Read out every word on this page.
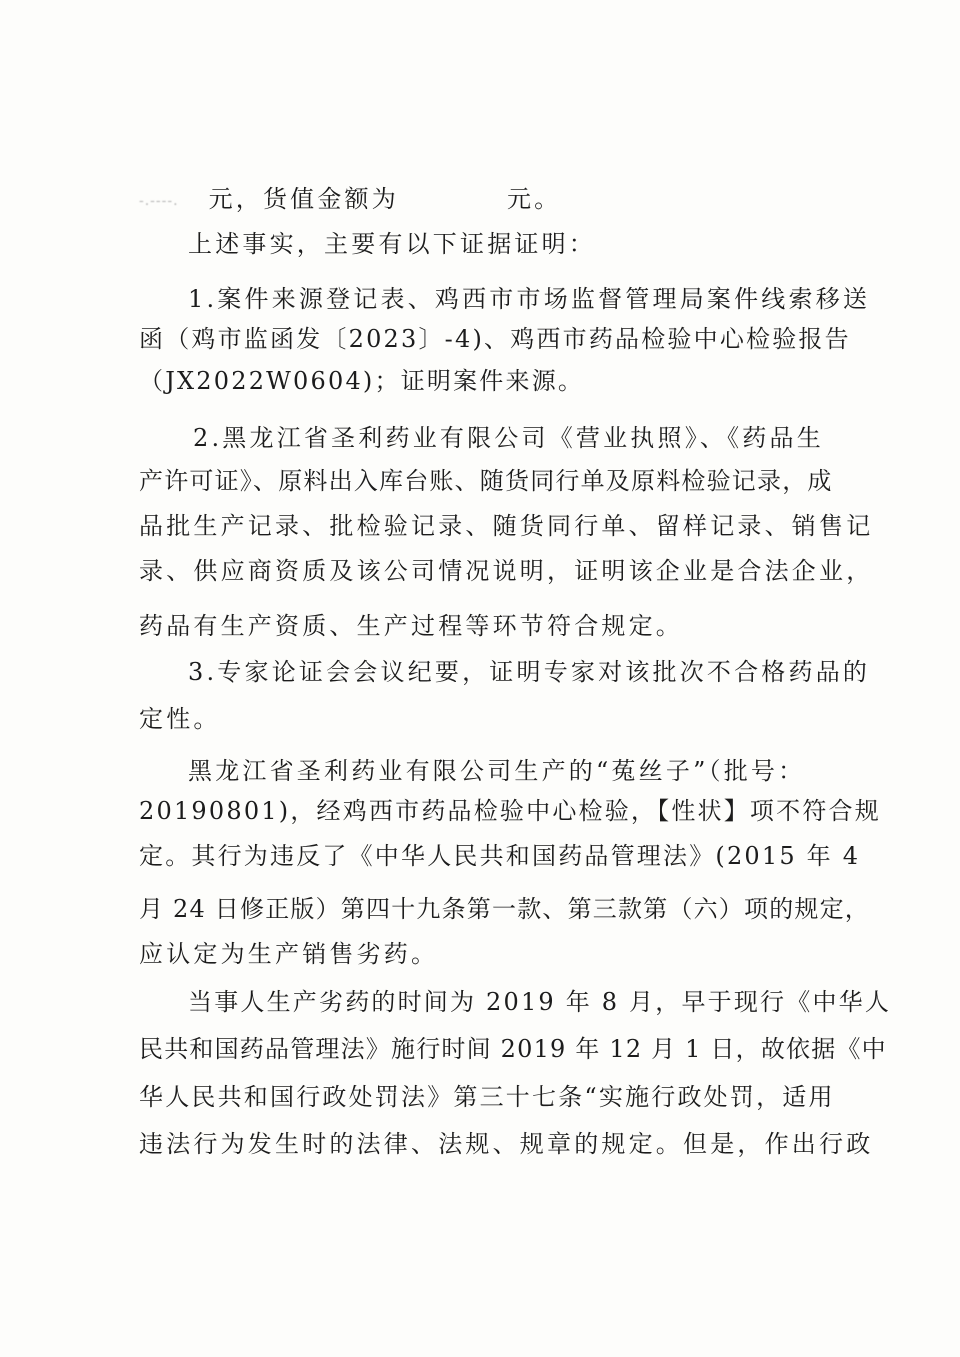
-.----. 元，货值金额为	元。
上述事实，主要有以下证据证明：
1.案件来源登记表、鸡西市市场监督管理局案件线索移送
函（鸡市监函发〔2023〕-4)、鸡西市药品检验中心检验报告
（JX2022W0604)；证明案件来源。
2.黑龙江省圣利药业有限公司《营业执照》、《药品生
产许可证》、原料出入库台账、随货同行单及原料检验记录，成
品批生产记录、批检验记录、随货同行单、留样记录、销售记
录、供应商资质及该公司情况说明，证明该企业是合法企业，
药品有生产资质、生产过程等环节符合规定。
3.专家论证会会议纪要，证明专家对该批次不合格药品的
定性。
黑龙江省圣利药业有限公司生产的“菟丝子”（批号：
20190801)，经鸡西市药品检验中心检验，【性状】项不符合规
定。其行为违反了《中华人民共和国药品管理法》(2015 年 4
月 24 日修正版）第四十九条第一款、第三款第（六）项的规定，
应认定为生产销售劣药。
当事人生产劣药的时间为 2019 年 8 月，早于现行《中华人
民共和国药品管理法》施行时间 2019 年 12 月 1 日，故依据《中
华人民共和国行政处罚法》第三十七条“实施行政处罚，适用
违法行为发生时的法律、法规、规章的规定。但是，作出行政
